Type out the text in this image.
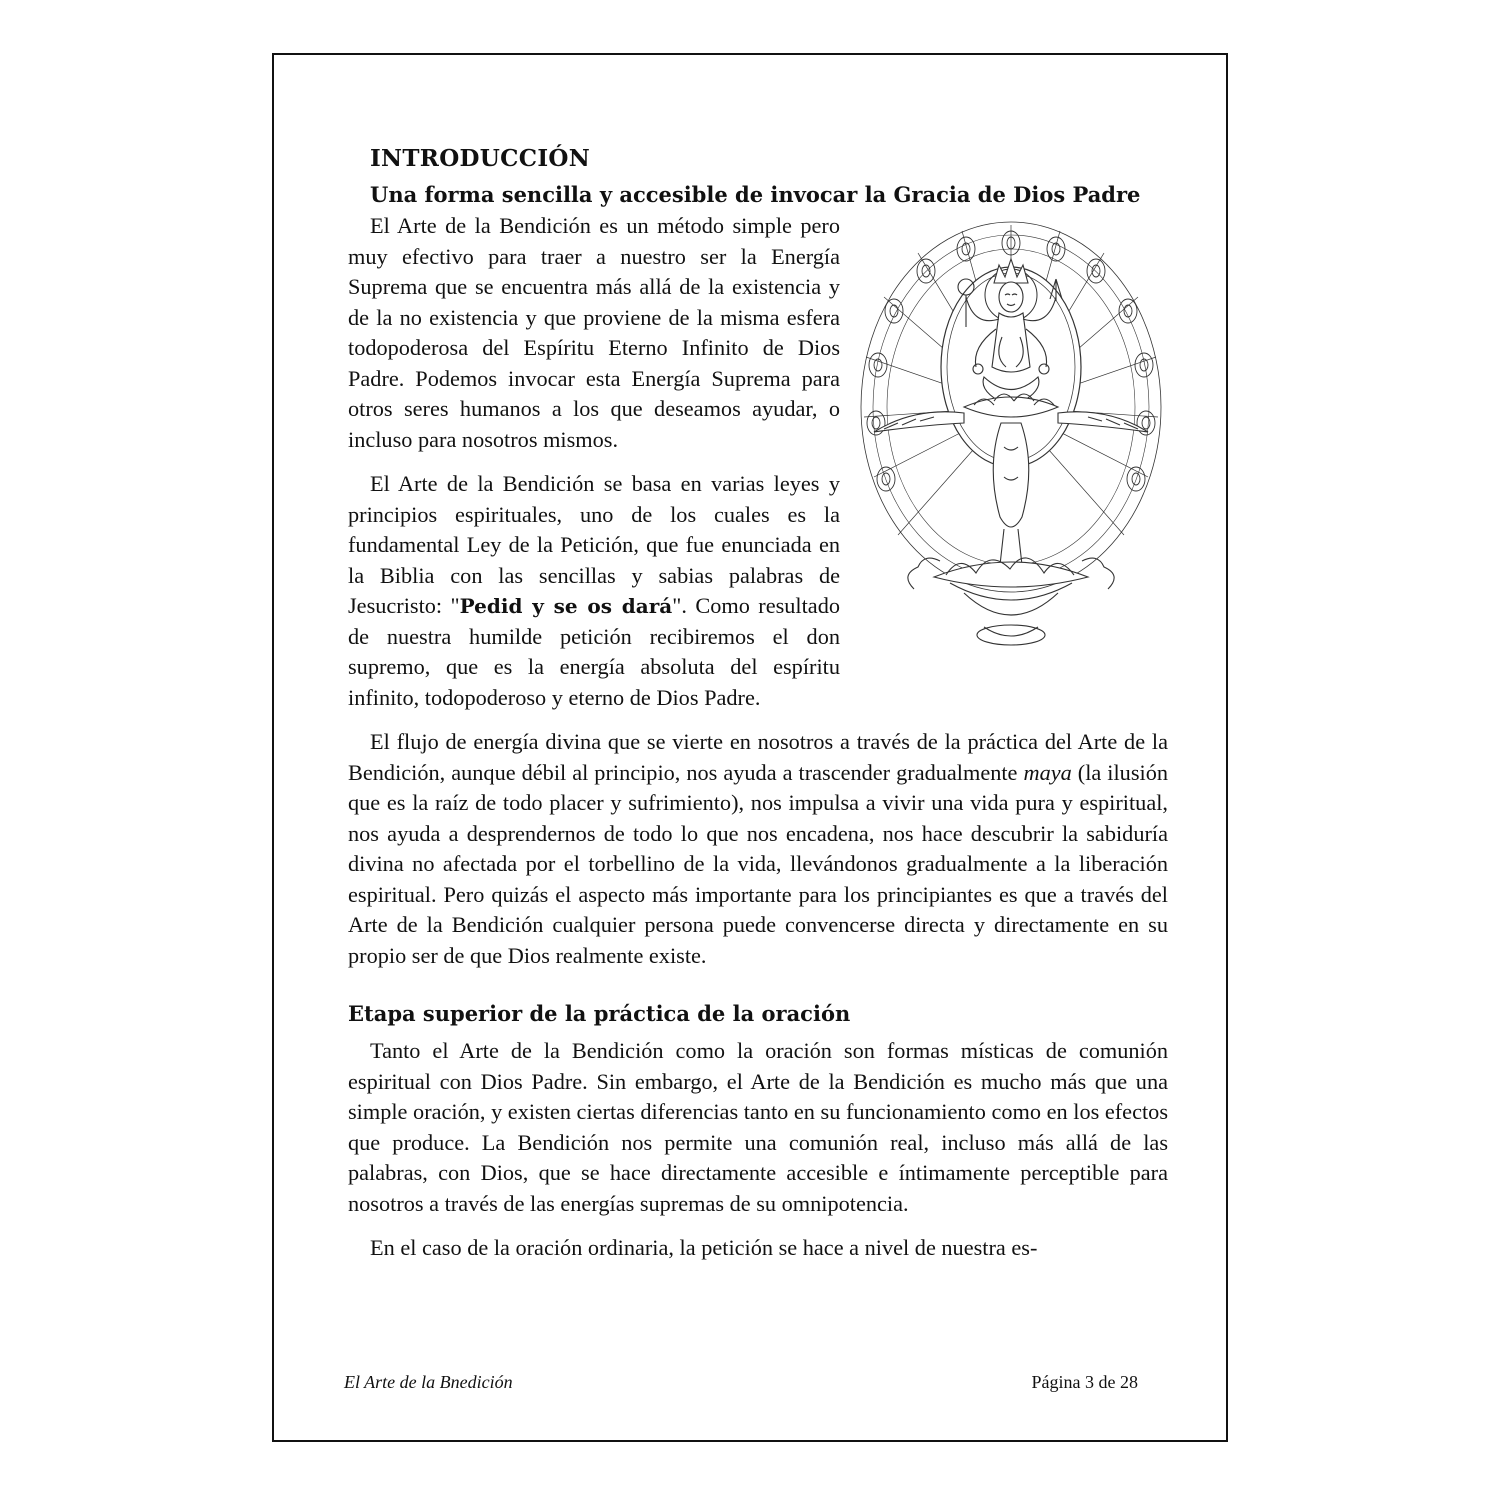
INTRODUCCIÓN
Una forma sencilla y accesible de invocar la Gracia de Dios Padre

El Arte de la Bendición es un método simple pero muy efectivo para traer a nuestro ser la Energía Suprema que se encuentra más allá de la existencia y de la no existencia y que proviene de la misma esfera todopoderosa del Espíritu Eterno Infinito de Dios Padre. Podemos invocar esta Energía Suprema para otros seres humanos a los que deseamos ayudar, o incluso para nosotros mismos.

El Arte de la Bendición se basa en varias leyes y principios espirituales, uno de los cuales es la fundamental Ley de la Petición, que fue enunciada en la Biblia con las sencillas y sabias palabras de Jesucristo: "Pedid y se os dará". Como resultado de nuestra humilde petición recibiremos el don supremo, que es la energía absoluta del espíritu infinito, todopoderoso y eterno de Dios Padre.

El flujo de energía divina que se vierte en nosotros a través de la práctica del Arte de la Bendición, aunque débil al principio, nos ayuda a trascender gradualmente maya (la ilusión que es la raíz de todo placer y sufrimiento), nos impulsa a vivir una vida pura y espiritual, nos ayuda a desprendernos de todo lo que nos encadena, nos hace descubrir la sabiduría divina no afectada por el torbellino de la vida, llevándonos gradualmente a la liberación espiritual. Pero quizás el aspecto más importante para los principiantes es que a través del Arte de la Bendición cualquier persona puede convencerse directa y directamente en su propio ser de que Dios realmente existe.

Etapa superior de la práctica de la oración

Tanto el Arte de la Bendición como la oración son formas místicas de comunión espiritual con Dios Padre. Sin embargo, el Arte de la Bendición es mucho más que una simple oración, y existen ciertas diferencias tanto en su funcionamiento como en los efectos que produce. La Bendición nos permite una comunión real, incluso más allá de las palabras, con Dios, que se hace directamente accesible e íntimamente perceptible para nosotros a través de las energías supremas de su omnipotencia.

En el caso de la oración ordinaria, la petición se hace a nivel de nuestra es-

El Arte de la Bnedición	Página 3 de 28
